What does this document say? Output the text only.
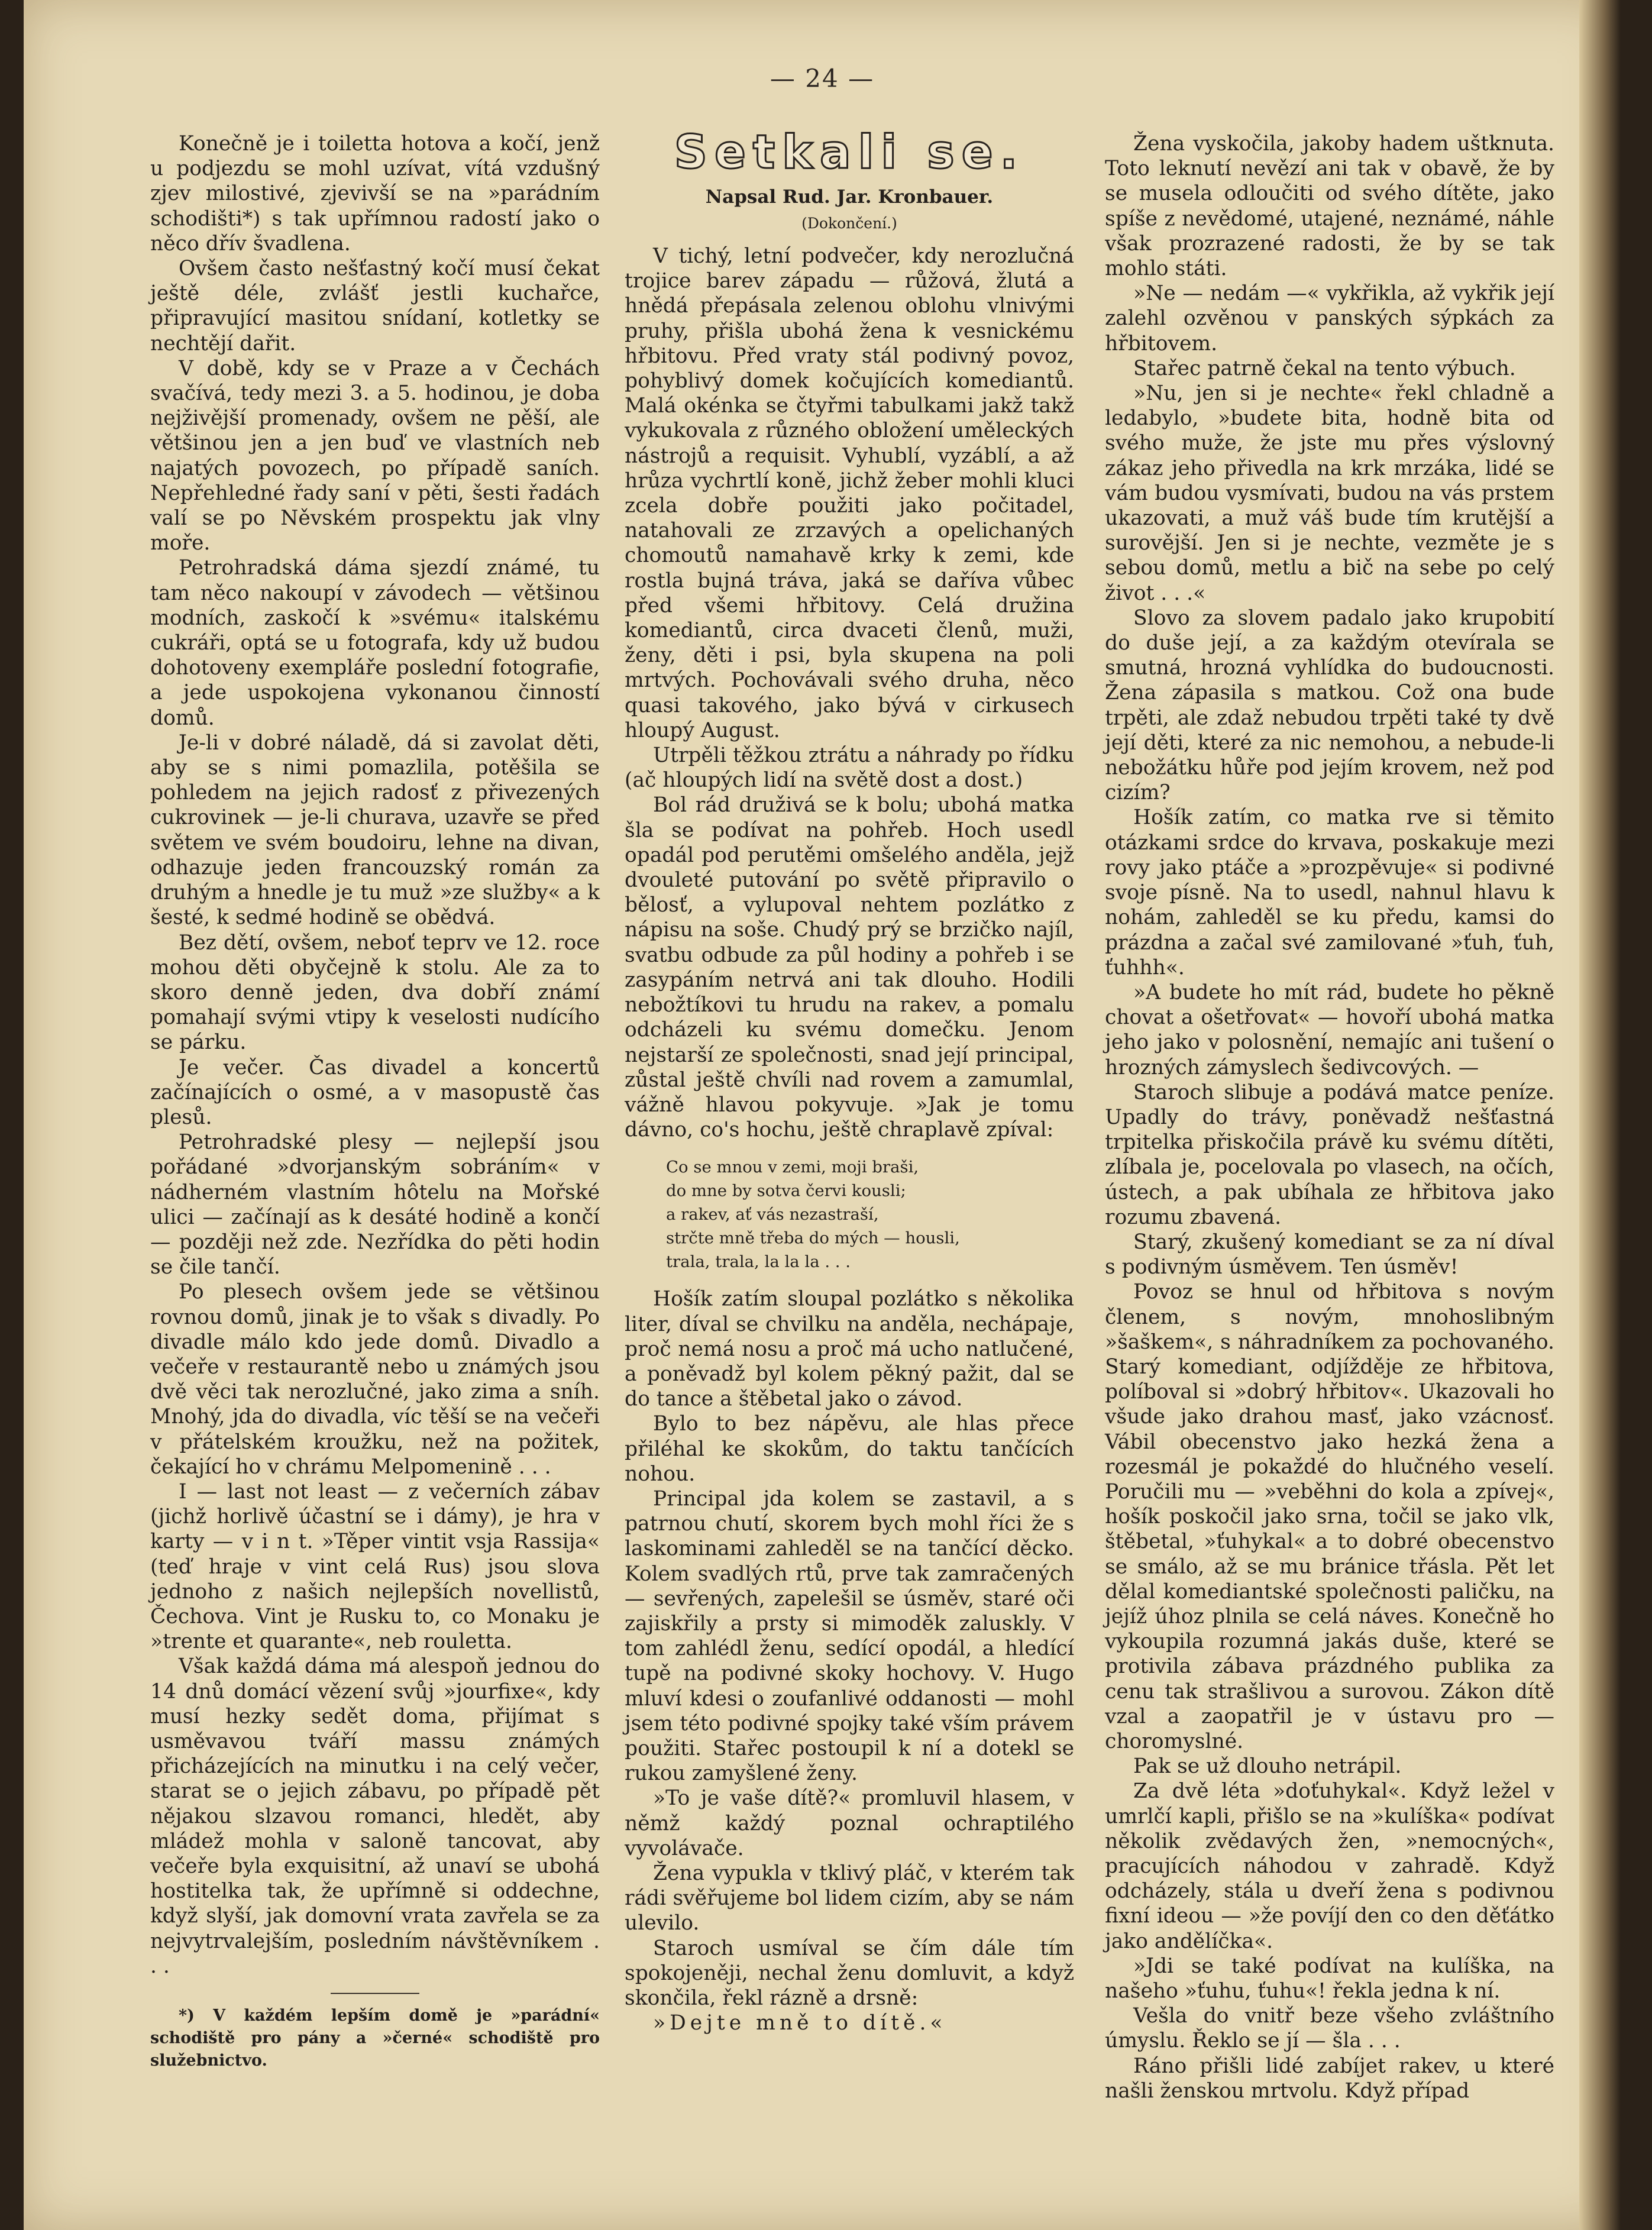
— 24 —

Konečně je i toiletta hotova a kočí, jenž u podjezdu se mohl uzívat, vítá vzdušný zjev milostivé, zjevivší se na »parádním schodišti*) s tak upřímnou radostí jako o něco dřív švadlena.

Ovšem často nešťastný kočí musí čekat ještě déle, zvlášť jestli kuchařce, připravující masitou snídaní, kotletky se nechtějí dařit.

V době, kdy se v Praze a v Čechách svačívá, tedy mezi 3. a 5. hodinou, je doba nejživější promenady, ovšem ne pěší, ale většinou jen a jen buď ve vlastních neb najatých povozech, po případě saních. Nepřehledné řady saní v pěti, šesti řadách valí se po Něvském prospektu jak vlny moře.

Petrohradská dáma sjezdí známé, tu tam něco nakoupí v závodech — většinou modních, zaskočí k »svému« italskému cukráři, optá se u fotografa, kdy už budou dohotoveny exempláře poslední fotografie, a jede uspokojena vykonanou činností domů.

Je-li v dobré náladě, dá si zavolat děti, aby se s nimi pomazlila, potěšila se pohledem na jejich radosť z přivezených cukrovinek — je-li churava, uzavře se před světem ve svém boudoiru, lehne na divan, odhazuje jeden francouzský román za druhým a hnedle je tu muž »ze služby« a k šesté, k sedmé hodině se obědvá.

Bez dětí, ovšem, neboť teprv ve 12. roce mohou děti obyčejně k stolu. Ale za to skoro denně jeden, dva dobří známí pomahají svými vtipy k veselosti nudícího se párku.

Je večer. Čas divadel a koncertů začínajících o osmé, a v masopustě čas plesů.

Petrohradské plesy — nejlepší jsou pořádané »dvorjanským sobráním« v nádherném vlastním hôtelu na Mořské ulici — začínají as k desáté hodině a končí — později než zde. Nezřídka do pěti hodin se čile tančí.

Po plesech ovšem jede se většinou rovnou domů, jinak je to však s divadly. Po divadle málo kdo jede domů. Divadlo a večeře v restaurantě nebo u známých jsou dvě věci tak nerozlučné, jako zima a sníh. Mnohý, jda do divadla, víc těší se na večeři v přátelském kroužku, než na požitek, čekající ho v chrámu Melpomenině . . .

I — last not least — z večerních zábav (jichž horlivě účastní se i dámy), je hra v karty — v i n t. »Těper vintit vsja Rassija« (teď hraje v vint celá Rus) jsou slova jednoho z našich nejlepších novellistů, Čechova. Vint je Rusku to, co Monaku je »trente et quarante«, neb rouletta.

Však každá dáma má alespoň jednou do 14 dnů domácí vězení svůj »jourfixe«, kdy musí hezky sedět doma, přijímat s usměvavou tváří massu známých přicházejících na minutku i na celý večer, starat se o jejich zábavu, po případě pět nějakou slzavou romanci, hledět, aby mládež mohla v saloně tancovat, aby večeře byla exquisitní, až unaví se ubohá hostitelka tak, že upřímně si oddechne, když slyší, jak domovní vrata zavřela se za nejvytrvalejším, posledním návštěvníkem . . .

*) V každém lepším domě je »parádní« schodiště pro pány a »černé« schodiště pro služebnictvo.

Setkali se.
Napsal Rud. Jar. Kronbauer.
(Dokončení.)

V tichý, letní podvečer, kdy nerozlučná trojice barev západu — růžová, žlutá a hnědá přepásala zelenou oblohu vlnivými pruhy, přišla ubohá žena k vesnickému hřbitovu. Před vraty stál podivný povoz, pohyblivý domek kočujících komediantů. Malá okénka se čtyřmi tabulkami jakž takž vykukovala z různého obložení uměleckých nástrojů a requisit. Vyhublí, vyzáblí, a až hrůza vychrtlí koně, jichž žeber mohli kluci zcela dobře použiti jako počitadel, natahovali ze zrzavých a opelichaných chomoutů namahavě krky k zemi, kde rostla bujná tráva, jaká se daříva vůbec před všemi hřbitovy. Celá družina komediantů, circa dvaceti členů, muži, ženy, děti i psi, byla skupena na poli mrtvých. Pochovávali svého druha, něco quasi takového, jako bývá v cirkusech hloupý August.

Utrpěli těžkou ztrátu a náhrady po řídku (ač hloupých lidí na světě dost a dost.)

Bol rád druživá se k bolu; ubohá matka šla se podívat na pohřeb. Hoch usedl opadál pod perutěmi omšelého anděla, jejž dvouleté putování po světě připravilo o bělosť, a vylupoval nehtem pozlátko z nápisu na soše. Chudý prý se brzičko najíl, svatbu odbude za půl hodiny a pohřeb i se zasypáním netrvá ani tak dlouho. Hodili nebožtíkovi tu hrudu na rakev, a pomalu odcházeli ku svému domečku. Jenom nejstarší ze společnosti, snad její principal, zůstal ještě chvíli nad rovem a zamumlal, vážně hlavou pokyvuje. »Jak je tomu dávno, co's hochu, ještě chraplavě zpíval:

Co se mnou v zemi, moji braši,
do mne by sotva červi kousli;
a rakev, ať vás nezastraší,
strčte mně třeba do mých — housli,
trala, trala, la la la . . .

Hošík zatím sloupal pozlátko s několika liter, díval se chvilku na anděla, nechápaje, proč nemá nosu a proč má ucho natlučené, a poněvadž byl kolem pěkný pažit, dal se do tance a štěbetal jako o závod.

Bylo to bez nápěvu, ale hlas přece přiléhal ke skokům, do taktu tančících nohou.

Principal jda kolem se zastavil, a s patrnou chutí, skorem bych mohl říci že s laskominami zahleděl se na tančící děcko. Kolem svadlých rtů, prve tak zamračených — sevřených, zapelešil se úsměv, staré oči zajiskřily a prsty si mimoděk zaluskly. V tom zahlédl ženu, sedící opodál, a hledící tupě na podivné skoky hochovy. V. Hugo mluví kdesi o zoufanlivé oddanosti — mohl jsem této podivné spojky také vším právem použiti. Stařec postoupil k ní a dotekl se rukou zamyšlené ženy.

»To je vaše dítě?« promluvil hlasem, v němž každý poznal ochraptilého vyvolávače.

Žena vypukla v tklivý pláč, v kterém tak rádi svěřujeme bol lidem cizím, aby se nám ulevilo.

Staroch usmíval se čím dále tím spokojeněji, nechal ženu domluvit, a když skončila, řekl rázně a drsně:

»Dejte mně to dítě.«

Žena vyskočila, jakoby hadem uštknuta. Toto leknutí nevězí ani tak v obavě, že by se musela odloučiti od svého dítěte, jako spíše z nevědomé, utajené, neznámé, náhle však prozrazené radosti, že by se tak mohlo státi.

»Ne — nedám —« vykřikla, až vykřik její zalehl ozvěnou v panských sýpkách za hřbitovem.

Stařec patrně čekal na tento výbuch.

»Nu, jen si je nechte« řekl chladně a ledabylo, »budete bita, hodně bita od svého muže, že jste mu přes výslovný zákaz jeho přivedla na krk mrzáka, lidé se vám budou vysmívati, budou na vás prstem ukazovati, a muž váš bude tím krutější a surovější. Jen si je nechte, vezměte je s sebou domů, metlu a bič na sebe po celý život . . .«

Slovo za slovem padalo jako krupobití do duše její, a za každým otevírala se smutná, hrozná vyhlídka do budoucnosti. Žena zápasila s matkou. Což ona bude trpěti, ale zdaž nebudou trpěti také ty dvě její děti, které za nic nemohou, a nebude-li nebožátku hůře pod jejím krovem, než pod cizím?

Hošík zatím, co matka rve si těmito otázkami srdce do krvava, poskakuje mezi rovy jako ptáče a »prozpěvuje« si podivné svoje písně. Na to usedl, nahnul hlavu k nohám, zahleděl se ku předu, kamsi do prázdna a začal své zamilované »ťuh, ťuh, ťuhhh«.

»A budete ho mít rád, budete ho pěkně chovat a ošetřovat« — hovoří ubohá matka jeho jako v polosnění, nemajíc ani tušení o hrozných zámyslech šedivcových. —

Staroch slibuje a podává matce peníze. Upadly do trávy, poněvadž nešťastná trpitelka přiskočila právě ku svému dítěti, zlíbala je, pocelovala po vlasech, na očích, ústech, a pak ubíhala ze hřbitova jako rozumu zbavená.

Starý, zkušený komediant se za ní díval s podivným úsměvem. Ten úsměv!

Povoz se hnul od hřbitova s novým členem, s novým, mnohoslibným »šaškem«, s náhradníkem za pochovaného. Starý komediant, odjížděje ze hřbitova, políboval si »dobrý hřbitov«. Ukazovali ho všude jako drahou masť, jako vzácnosť. Vábil obecenstvo jako hezká žena a rozesmál je pokaždé do hlučného veselí. Poručili mu — »veběhni do kola a zpívej«, hošík poskočil jako srna, točil se jako vlk, štěbetal, »ťuhykal« a to dobré obecenstvo se smálo, až se mu bránice třásla. Pět let dělal komediantské společnosti paličku, na jejíž úhoz plnila se celá náves. Konečně ho vykoupila rozumná jakás duše, které se protivila zábava prázdného publika za cenu tak strašlivou a surovou. Zákon dítě vzal a zaopatřil je v ústavu pro — choromyslné.

Pak se už dlouho netrápil.

Za dvě léta »doťuhykal«. Když ležel v umrlčí kapli, přišlo se na »kulíška« podívat několik zvědavých žen, »nemocných«, pracujících náhodou v zahradě. Když odcházely, stála u dveří žena s podivnou fixní ideou — »že povíjí den co den děťátko jako andělíčka«.

»Jdi se také podívat na kulíška, na našeho »ťuhu, ťuhu«! řekla jedna k ní.

Vešla do vnitř beze všeho zvláštního úmyslu. Řeklo se jí — šla . . .

Ráno přišli lidé zabíjet rakev, u které našli ženskou mrtvolu. Když případ
